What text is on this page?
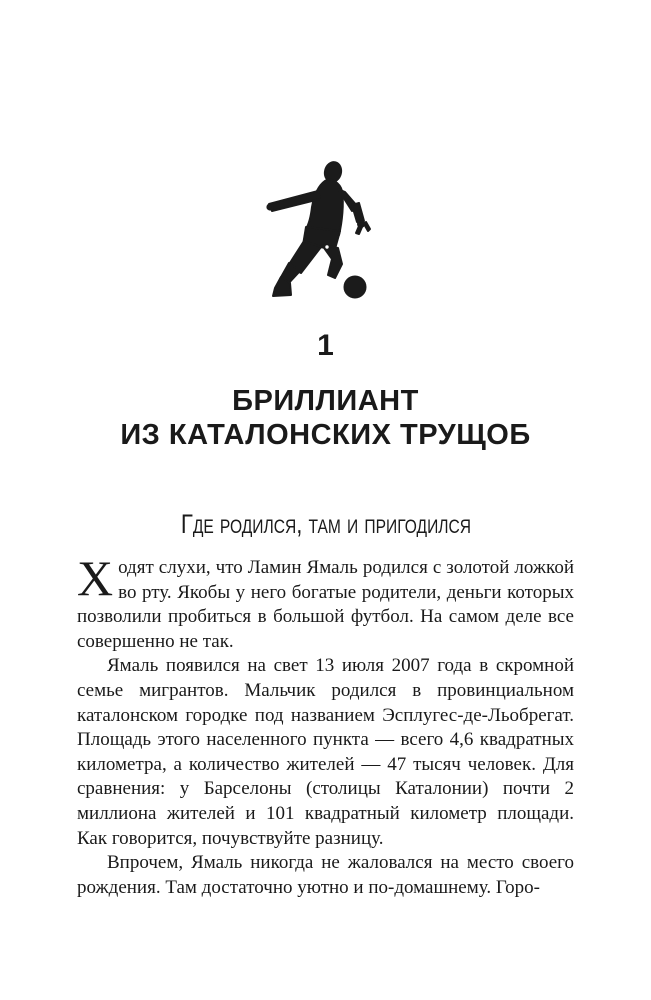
1
БРИЛЛИАНТ
ИЗ КАТАЛОНСКИХ ТРУЩОБ
Где родился, там и пригодился

Ходят слухи, что Ламин Ямаль родился с золотой ложкой во рту. Якобы у него богатые родители, деньги которых позволили пробиться в большой футбол. На самом деле все совершенно не так.

Ямаль появился на свет 13 июля 2007 года в скромной семье мигрантов. Мальчик родился в провинциальном каталонском городке под названием Эсплугес-де-Льобрегат. Площадь этого населенного пункта — всего 4,6 квадратных километра, а количество жителей — 47 тысяч человек. Для сравнения: у Барселоны (столицы Каталонии) почти 2 миллиона жителей и 101 квадратный километр площади. Как говорится, почувствуйте разницу.

Впрочем, Ямаль никогда не жаловался на место своего рождения. Там достаточно уютно и по-домашнему. Горо-
